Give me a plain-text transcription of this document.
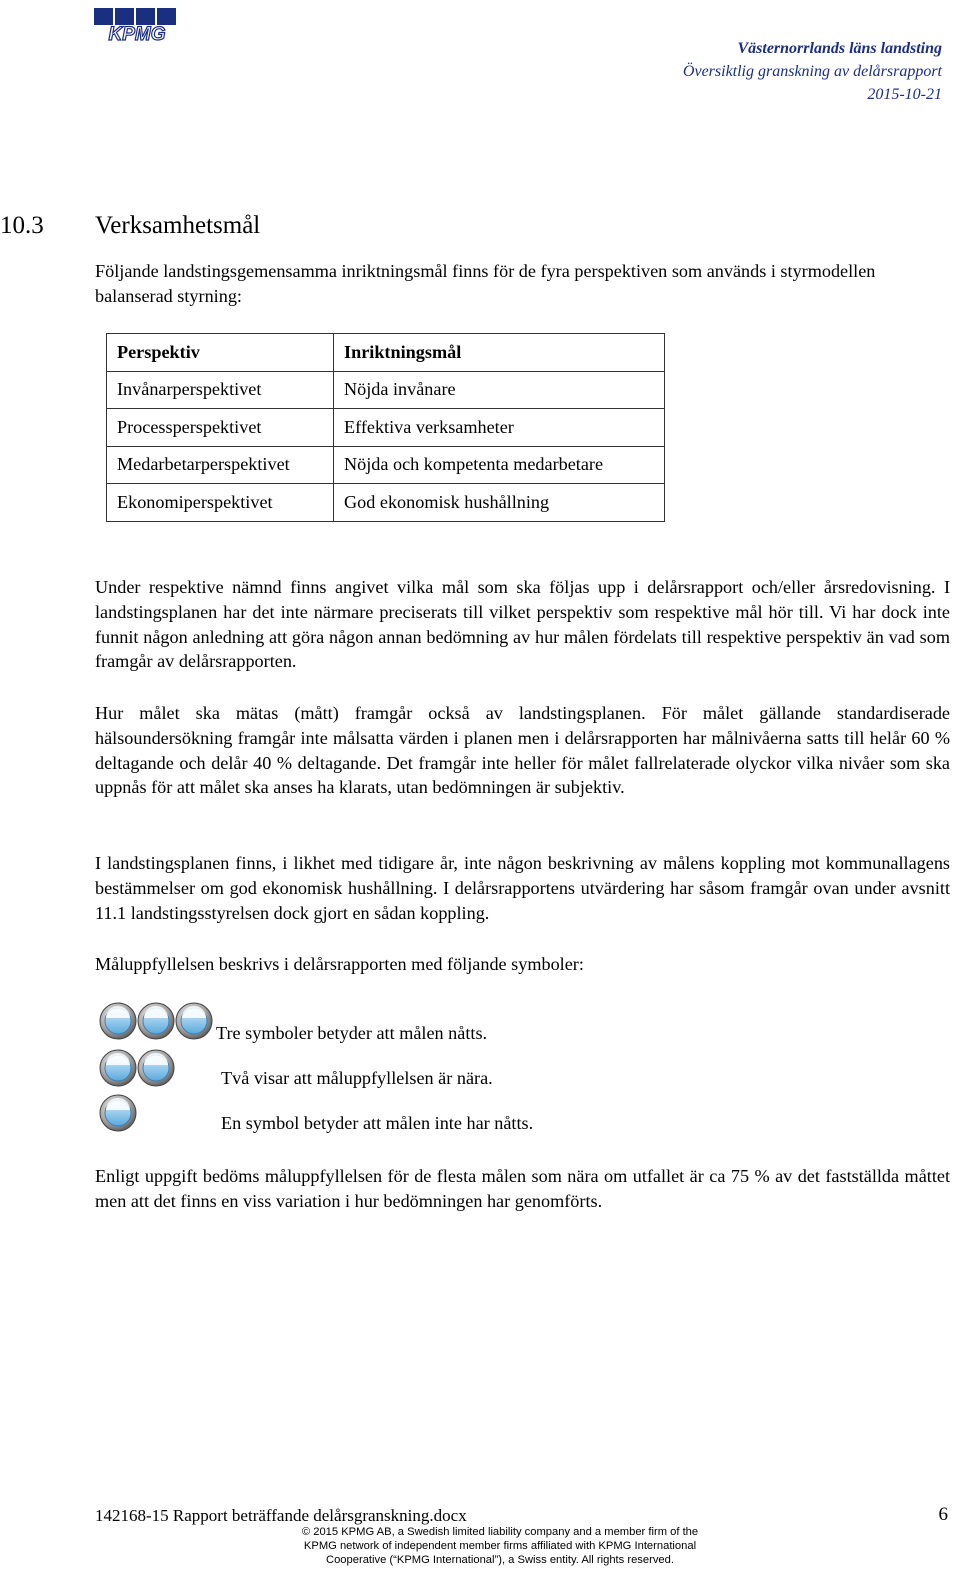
KPMG
Västernorrlands läns landsting
Översiktlig granskning av delårsrapport
2015-10-21
10.3 Verksamhetsmål
Följande landstingsgemensamma inriktningsmål finns för de fyra perspektiven som används i styrmodellen balanserad styrning:
Perspektiv	Inriktningsmål
Invånarperspektivet	Nöjda invånare
Processperspektivet	Effektiva verksamheter
Medarbetarperspektivet	Nöjda och kompetenta medarbetare
Ekonomiperspektivet	God ekonomisk hushållning
Under respektive nämnd finns angivet vilka mål som ska följas upp i delårsrapport och/eller årsredovisning. I landstingsplanen har det inte närmare preciserats till vilket perspektiv som respektive mål hör till. Vi har dock inte funnit någon anledning att göra någon annan bedömning av hur målen fördelats till respektive perspektiv än vad som framgår av delårsrapporten.
Hur målet ska mätas (mått) framgår också av landstingsplanen. För målet gällande standardiserade hälsoundersökning framgår inte målsatta värden i planen men i delårsrapporten har målnivåerna satts till helår 60 % deltagande och delår 40 % deltagande. Det framgår inte heller för målet fallrelaterade olyckor vilka nivåer som ska uppnås för att målet ska anses ha klarats, utan bedömningen är subjektiv.
I landstingsplanen finns, i likhet med tidigare år, inte någon beskrivning av målens koppling mot kommunallagens bestämmelser om god ekonomisk hushållning. I delårsrapportens utvärdering har såsom framgår ovan under avsnitt 11.1 landstingsstyrelsen dock gjort en sådan koppling.
Måluppfyllelsen beskrivs i delårsrapporten med följande symboler:
Tre symboler betyder att målen nåtts.
Två visar att måluppfyllelsen är nära.
En symbol betyder att målen inte har nåtts.
Enligt uppgift bedöms måluppfyllelsen för de flesta målen som nära om utfallet är ca 75 % av det fastställda måttet men att det finns en viss variation i hur bedömningen har genomförts.
142168-15 Rapport beträffande delårsgranskning.docx	6
© 2015 KPMG AB, a Swedish limited liability company and a member firm of the
KPMG network of independent member firms affiliated with KPMG International
Cooperative (“KPMG International”), a Swiss entity. All rights reserved.
